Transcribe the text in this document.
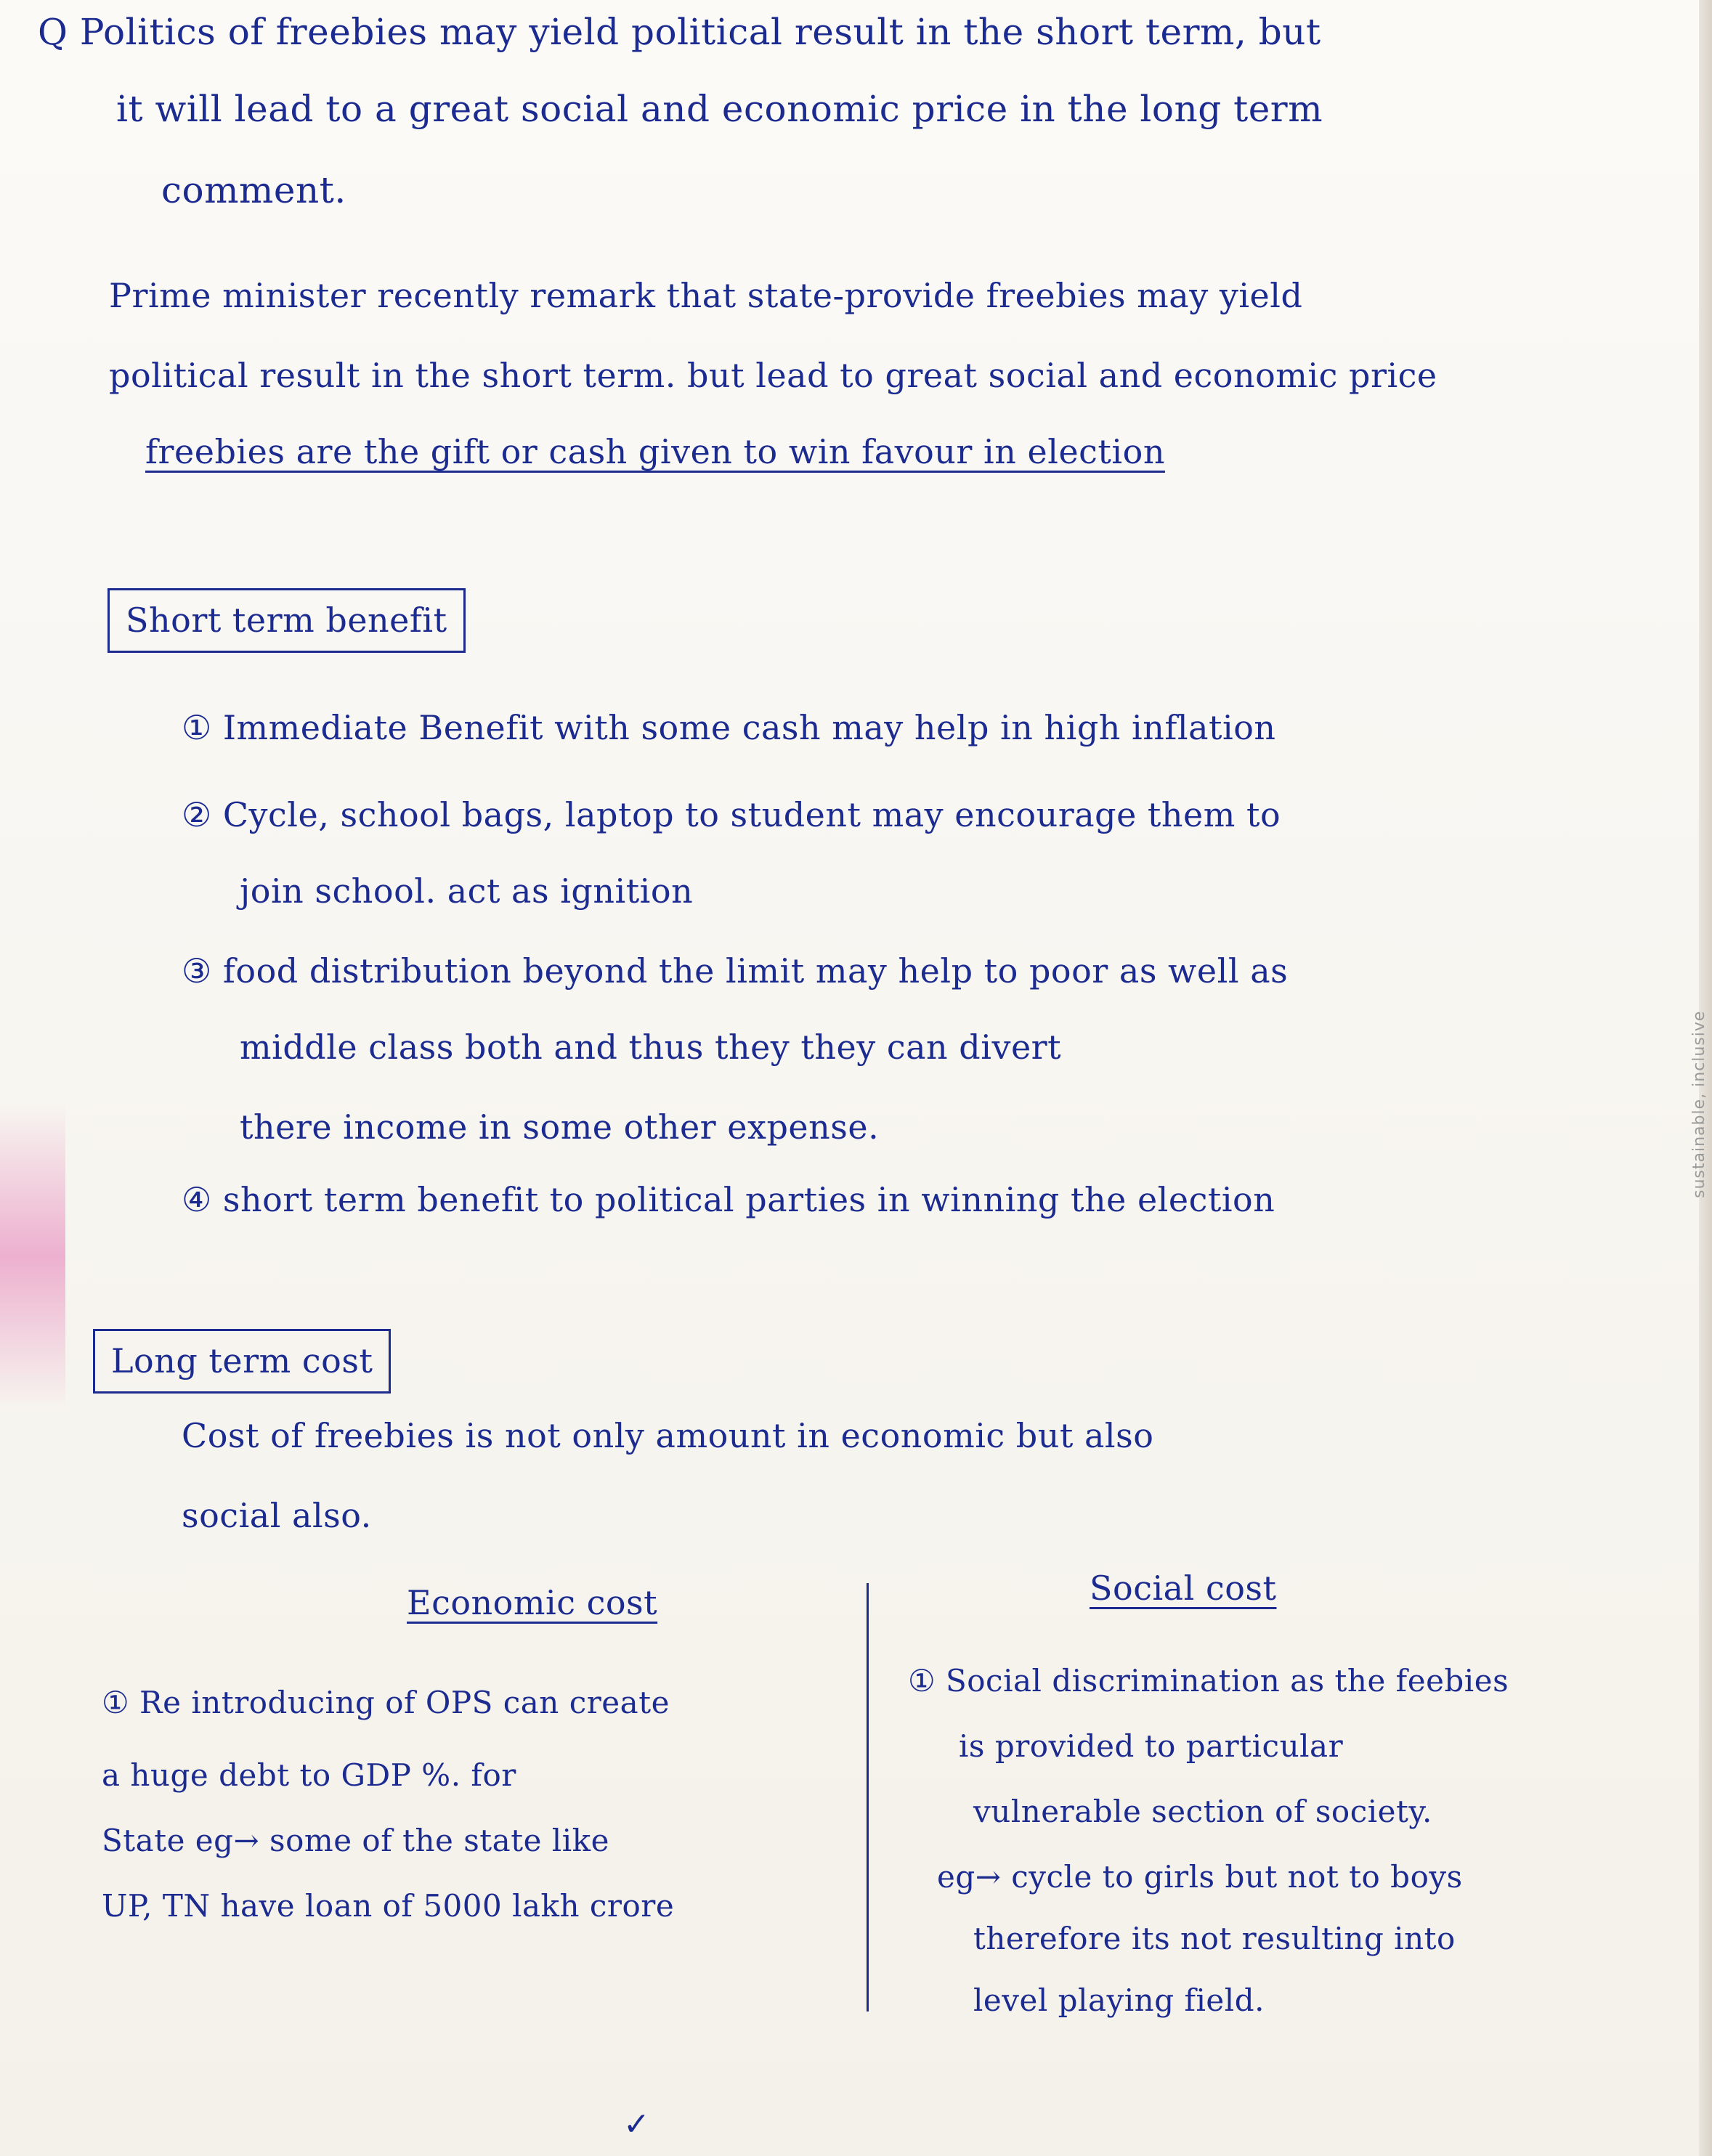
sustainable, inclusive
Q Politics of freebies may yield political result in the short term, but
it will lead to a great social and economic price in the long term
comment.
Prime minister recently remark that state-provide freebies may yield
political result in the short term. but lead to great social and economic price
freebies are the gift or cash given to win favour in election
Short term benefit
① Immediate Benefit with some cash may help in high inflation
② Cycle, school bags, laptop to student may encourage them to
join school. act as ignition
③ food distribution beyond the limit may help to poor as well as
middle class both and thus they they can divert
there income in some other expense.
④ short term benefit to political parties in winning the election
Long term cost
Cost of freebies is not only amount in economic but also
social also.
Economic cost	Social cost
① Re introducing of OPS can create
a huge debt to GDP %. for
State eg→ some of the state like
UP, TN have loan of 5000 lakh crore
① Social discrimination as the feebies
is provided to particular
vulnerable section of society.
eg→ cycle to girls but not to boys
therefore its not resulting into
level playing field.
✓
